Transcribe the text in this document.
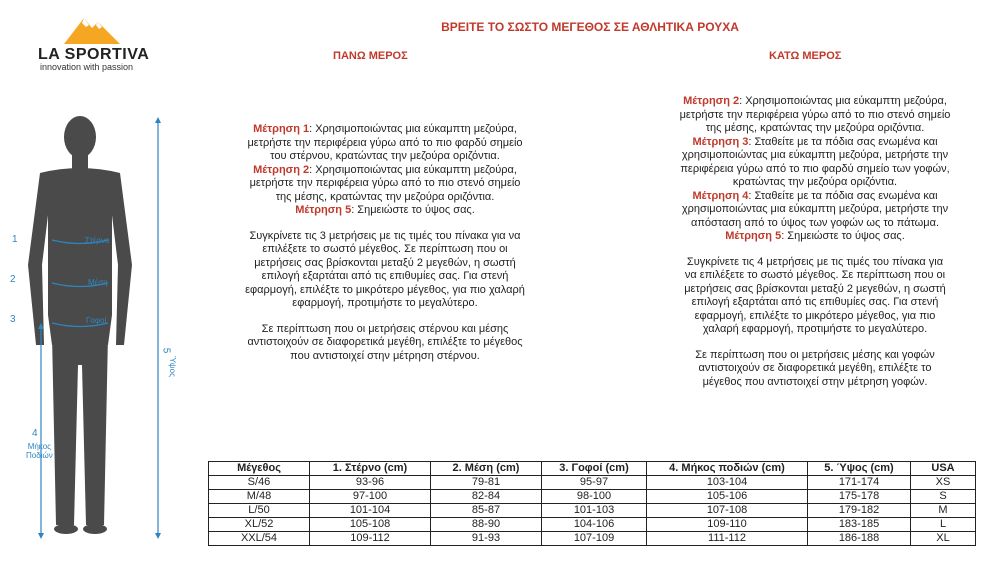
LA SPORTIVA
innovation with passion
ΒΡΕΙΤΕ ΤΟ ΣΩΣΤΟ ΜΕΓΕΘΟΣ ΣΕ ΑΘΛΗΤΙΚΑ ΡΟΥΧΑ
ΠΑΝΩ ΜΕΡΟΣ	ΚΑΤΩ ΜΕΡΟΣ
1
2
3
4
5
Στέρνο
Μέση
Γοφοί
Ύψος
Μήκος
Ποδιών

Μέτρηση 1: Χρησιμοποιώντας μια εύκαμπτη μεζούρα,

μετρήστε την περιφέρεια γύρω από το πιο φαρδύ σημείο

του στέρνου, κρατώντας την μεζούρα οριζόντια.

Μέτρηση 2: Χρησιμοποιώντας μια εύκαμπτη μεζούρα,

μετρήστε την περιφέρεια γύρω από το πιο στενό σημείο

της μέσης, κρατώντας την μεζούρα οριζόντια.

Μέτρηση 5: Σημειώστε το ύψος σας.

Συγκρίνετε τις 3 μετρήσεις με τις τιμές του πίνακα για να

επιλέξετε το σωστό μέγεθος. Σε περίπτωση που οι

μετρήσεις σας βρίσκονται μεταξύ 2 μεγεθών, η σωστή

επιλογή εξαρτάται από τις επιθυμίες σας. Για στενή

εφαρμογή, επιλέξτε το μικρότερο μέγεθος, για πιο χαλαρή

εφαρμογή, προτιμήστε το μεγαλύτερο.

Σε περίπτωση που οι μετρήσεις στέρνου και μέσης

αντιστοιχούν σε διαφορετικά μεγέθη, επιλέξτε το μέγεθος

που αντιστοιχεί στην μέτρηση στέρνου.

Μέτρηση 2: Χρησιμοποιώντας μια εύκαμπτη μεζούρα,

μετρήστε την περιφέρεια γύρω από το πιο στενό σημείο

της μέσης, κρατώντας την μεζούρα οριζόντια.

Μέτρηση 3: Σταθείτε με τα πόδια σας ενωμένα και

χρησιμοποιώντας μια εύκαμπτη μεζούρα, μετρήστε την

περιφέρεια γύρω από το πιο φαρδύ σημείο των γοφών,

κρατώντας την μεζούρα οριζόντια.

Μέτρηση 4: Σταθείτε με τα πόδια σας ενωμένα και

χρησιμοποιώντας μια εύκαμπτη μεζούρα, μετρήστε την

απόσταση από το ύψος των γοφών ως το πάτωμα.

Μέτρηση 5: Σημειώστε το ύψος σας.

Συγκρίνετε τις 4 μετρήσεις με τις τιμές του πίνακα για

να επιλέξετε το σωστό μέγεθος. Σε περίπτωση που οι

μετρήσεις σας βρίσκονται μεταξύ 2 μεγεθών, η σωστή

επιλογή εξαρτάται από τις επιθυμίες σας. Για στενή

εφαρμογή, επιλέξτε το μικρότερο μέγεθος, για πιο

χαλαρή εφαρμογή, προτιμήστε το μεγαλύτερο.

Σε περίπτωση που οι μετρήσεις μέσης και γοφών

αντιστοιχούν σε διαφορετικά μεγέθη, επιλέξτε το

μέγεθος που αντιστοιχεί στην μέτρηση γοφών.

Μέγεθος	1. Στέρνο (cm)	2. Μέση (cm)	3. Γοφοί (cm)	4. Μήκος ποδιών (cm)	5. Ύψος (cm)	USA
S/46	93-96	79-81	95-97	103-104	171-174	XS
M/48	97-100	82-84	98-100	105-106	175-178	S
L/50	101-104	85-87	101-103	107-108	179-182	M
XL/52	105-108	88-90	104-106	109-110	183-185	L
XXL/54	109-112	91-93	107-109	111-112	186-188	XL
